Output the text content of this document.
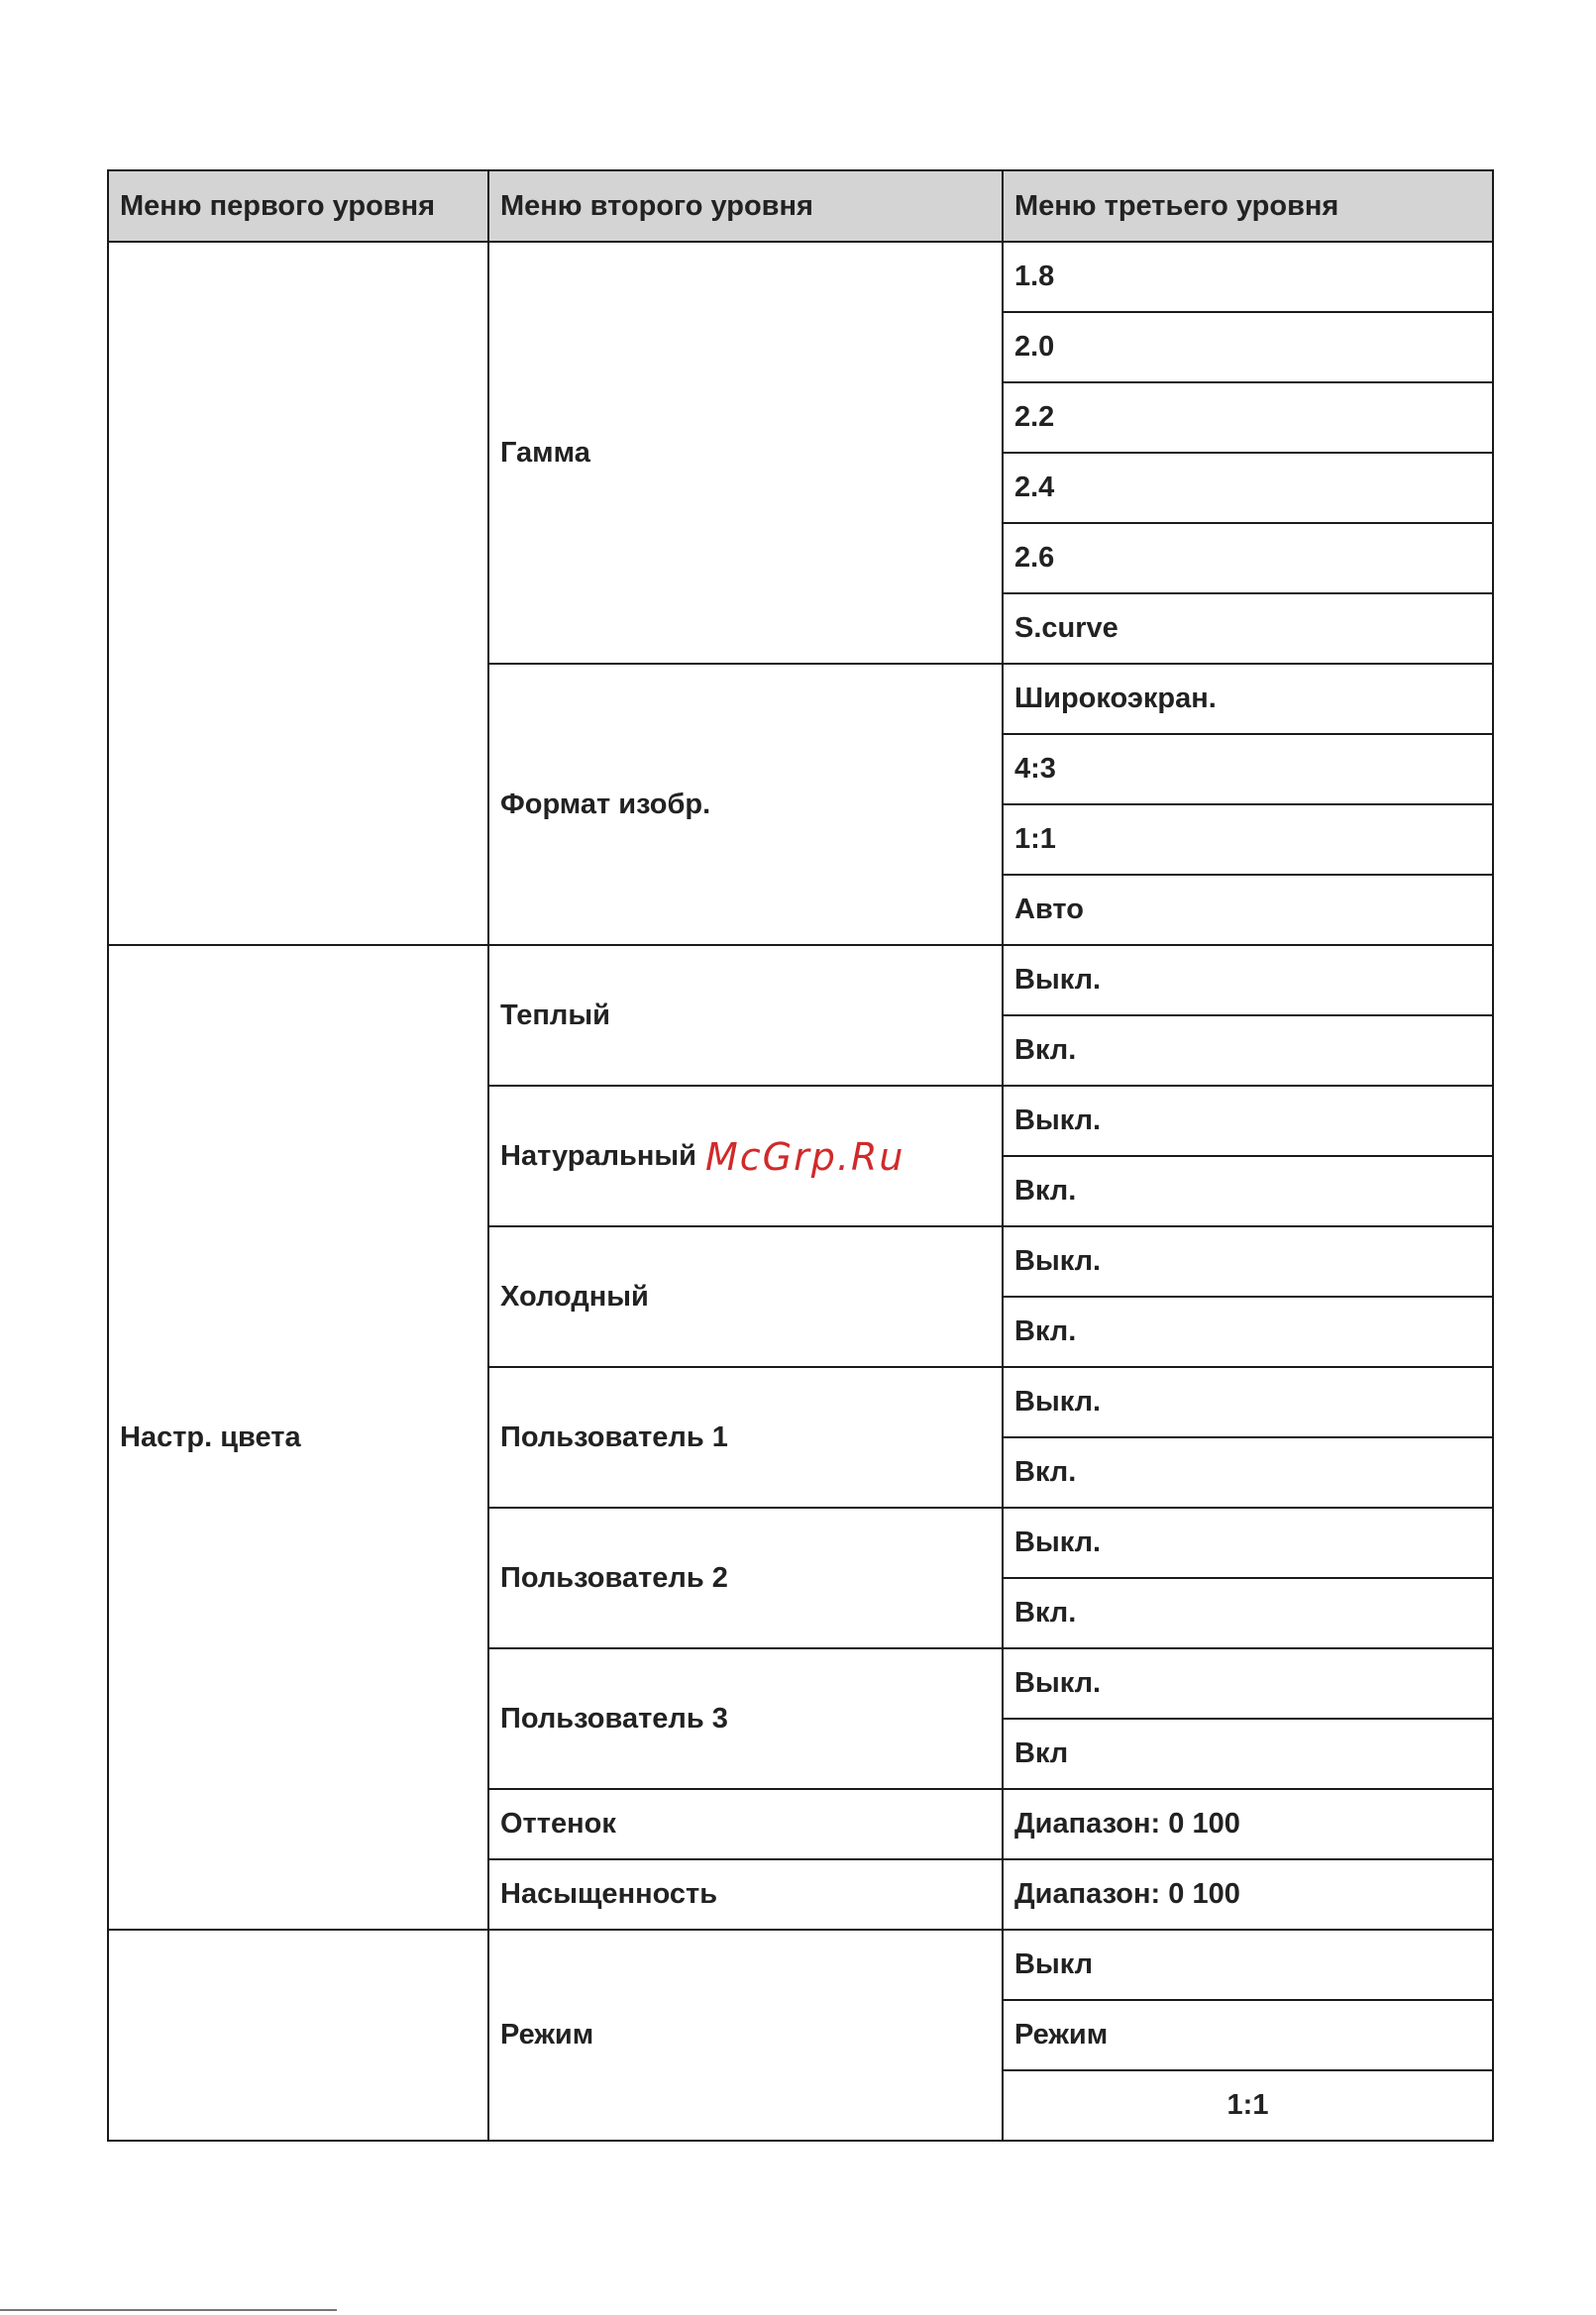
Меню первого уровня	Меню второго уровня	Меню третьего уровня
	Гамма	1.8
		2.0
		2.2
		2.4
		2.6
		S.curve
	Формат изобр.	Широкоэкран.
		4:3
		1:1
		Авто
Настр. цвета	Теплый	Выкл.
		Вкл.
	Натуральный	Выкл.
		Вкл.
	Холодный	Выкл.
		Вкл.
	Пользователь 1	Выкл.
		Вкл.
	Пользователь 2	Выкл.
		Вкл.
	Пользователь 3	Выкл.
		Вкл
	Оттенок	Диапазон: 0 100
	Насыщенность	Диапазон: 0 100
	Режим	Выкл
		Режим
		1:1
McGrp.Ru
